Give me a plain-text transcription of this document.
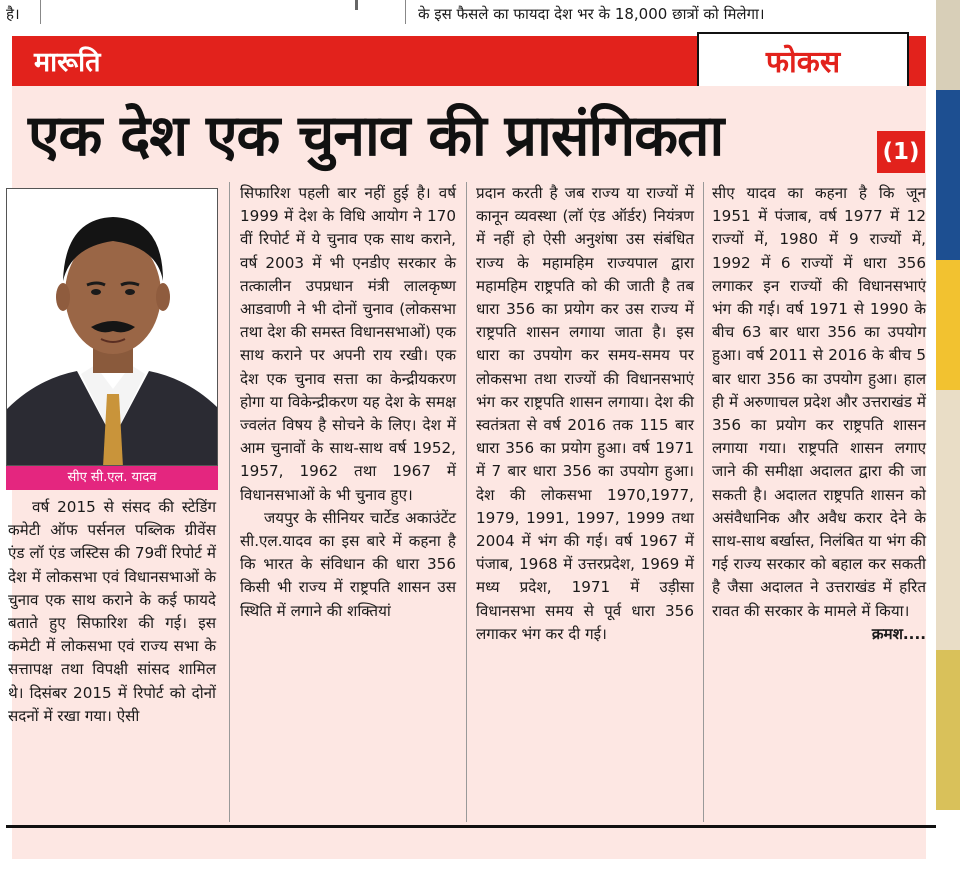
है।	के इस फैसले का फायदा देश भर के 18,000 छात्रों को मिलेगा।
मारूति	फोकस
एक देश एक चुनाव की प्रासंगिकता	(1)
सीए सी.एल. यादव

वर्ष 2015 से संसद की स्टेडिंग कमेटी ऑफ पर्सनल पब्लिक ग्रीवेंस एंड लॉ एंड जस्टिस की 79वीं रिपोर्ट में देश में लोकसभा एवं विधानसभाओं के चुनाव एक साथ कराने के कई फायदे बताते हुए सिफारिश की गई। इस कमेटी में लोकसभा एवं राज्य सभा के सत्तापक्ष तथा विपक्षी सांसद शामिल थे। दिसंबर 2015 में रिपोर्ट को दोनों सदनों में रखा गया। ऐसी

सिफारिश पहली बार नहीं हुई है। वर्ष 1999 में देश के विधि आयोग ने 170 वीं रिपोर्ट में ये चुनाव एक साथ कराने, वर्ष 2003 में भी एनडीए सरकार के तत्कालीन उपप्रधान मंत्री लालकृष्ण आडवाणी ने भी दोनों चुनाव (लोकसभा तथा देश की समस्त विधानसभाओं) एक साथ कराने पर अपनी राय रखी। एक देश एक चुनाव सत्ता का केन्द्रीयकरण होगा या विकेन्द्रीकरण यह देश के समक्ष ज्वलंत विषय है सोचने के लिए। देश में आम चुनावों के साथ-साथ वर्ष 1952, 1957, 1962 तथा 1967 में विधानसभाओं के भी चुनाव हुए।

जयपुर के सीनियर चार्टेड अकाउंटेंट सी.एल.यादव का इस बारे में कहना है कि भारत के संविधान की धारा 356 किसी भी राज्य में राष्ट्रपति शासन उस स्थिति में लगाने की शक्तियां

प्रदान करती है जब राज्य या राज्यों में कानून व्यवस्था (लॉ एंड ऑर्डर) नियंत्रण में नहीं हो ऐसी अनुशंषा उस संबंधित राज्य के महामहिम राज्यपाल द्वारा महामहिम राष्ट्रपति को की जाती है तब धारा 356 का प्रयोग कर उस राज्य में राष्ट्रपति शासन लगाया जाता है। इस धारा का उपयोग कर समय-समय पर लोकसभा तथा राज्यों की विधानसभाएं भंग कर राष्ट्रपति शासन लगाया। देश की स्वतंत्रता से वर्ष 2016 तक 115 बार धारा 356 का प्रयोग हुआ। वर्ष 1971 में 7 बार धारा 356 का उपयोग हुआ। देश की लोकसभा 1970,1977, 1979, 1991, 1997, 1999 तथा 2004 में भंग की गई। वर्ष 1967 में पंजाब, 1968 में उत्तरप्रदेश, 1969 में मध्य प्रदेश, 1971 में उड़ीसा विधानसभा समय से पूर्व धारा 356 लगाकर भंग कर दी गई।

सीए यादव का कहना है कि जून 1951 में पंजाब, वर्ष 1977 में 12 राज्यों में, 1980 में 9 राज्यों में, 1992 में 6 राज्यों में धारा 356 लगाकर इन राज्यों की विधानसभाएं भंग की गई। वर्ष 1971 से 1990 के बीच 63 बार धारा 356 का उपयोग हुआ। वर्ष 2011 से 2016 के बीच 5 बार धारा 356 का उपयोग हुआ। हाल ही में अरुणाचल प्रदेश और उत्तराखंड में 356 का प्रयोग कर राष्ट्रपति शासन लगाया गया। राष्ट्रपति शासन लगाए जाने की समीक्षा अदालत द्वारा की जा सकती है। अदालत राष्ट्रपति शासन को असंवैधानिक और अवैध करार देने के साथ-साथ बर्खास्त, निलंबित या भंग की गई राज्य सरकार को बहाल कर सकती है जैसा अदालत ने उत्तराखंड में हरित रावत की सरकार के मामले में किया।

क्रमश....
